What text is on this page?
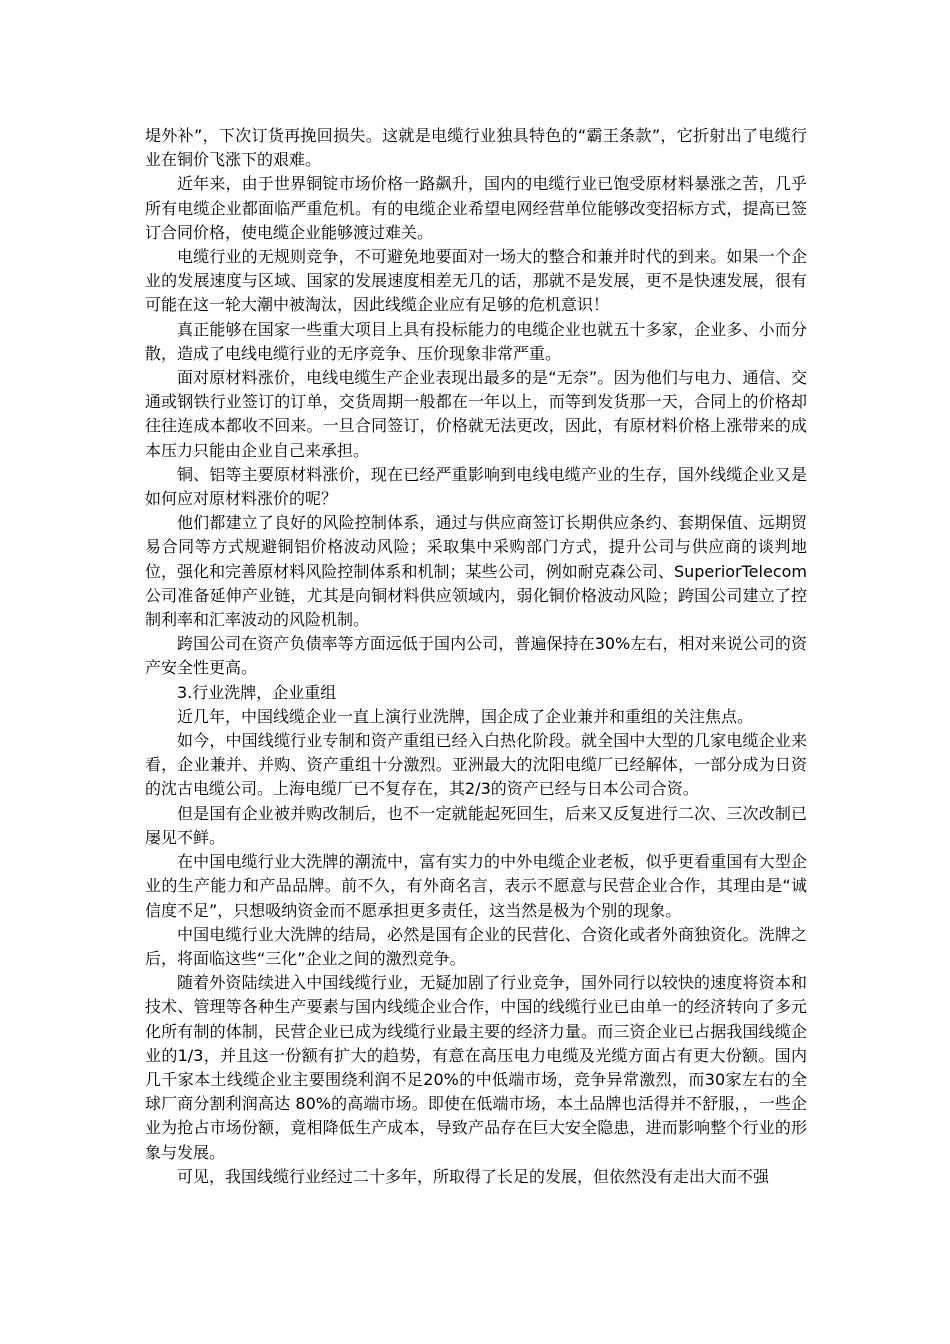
堤外补”，下次订货再挽回损失。这就是电缆行业独具特色的“霸王条款”，它折射出了电缆行业在铜价飞涨下的艰难。

近年来，由于世界铜锭市场价格一路飙升，国内的电缆行业已饱受原材料暴涨之苦，几乎所有电缆企业都面临严重危机。有的电缆企业希望电网经营单位能够改变招标方式，提高已签订合同价格，使电缆企业能够渡过难关。

电缆行业的无规则竞争，不可避免地要面对一场大的整合和兼并时代的到来。如果一个企业的发展速度与区域、国家的发展速度相差无几的话，那就不是发展，更不是快速发展，很有可能在这一轮大潮中被淘汰，因此线缆企业应有足够的危机意识！

真正能够在国家一些重大项目上具有投标能力的电缆企业也就五十多家，企业多、小而分散，造成了电线电缆行业的无序竞争、压价现象非常严重。

面对原材料涨价，电线电缆生产企业表现出最多的是“无奈”。因为他们与电力、通信、交通或钢铁行业签订的订单，交货周期一般都在一年以上，而等到发货那一天，合同上的价格却往往连成本都收不回来。一旦合同签订，价格就无法更改，因此，有原材料价格上涨带来的成本压力只能由企业自己来承担。

铜、铝等主要原材料涨价，现在已经严重影响到电线电缆产业的生存，国外线缆企业又是如何应对原材料涨价的呢？

他们都建立了良好的风险控制体系，通过与供应商签订长期供应条约、套期保值、远期贸易合同等方式规避铜铝价格波动风险；采取集中采购部门方式，提升公司与供应商的谈判地位，强化和完善原材料风险控制体系和机制；某些公司，例如耐克森公司、SuperiorTelecom公司准备延伸产业链，尤其是向铜材料供应领域内，弱化铜价格波动风险；跨国公司建立了控制利率和汇率波动的风险机制。

跨国公司在资产负债率等方面远低于国内公司，普遍保持在30%左右，相对来说公司的资产安全性更高。

3.行业洗牌，企业重组

近几年，中国线缆企业一直上演行业洗牌，国企成了企业兼并和重组的关注焦点。

如今，中国线缆行业专制和资产重组已经入白热化阶段。就全国中大型的几家电缆企业来看，企业兼并、并购、资产重组十分激烈。亚洲最大的沈阳电缆厂已经解体，一部分成为日资的沈古电缆公司。上海电缆厂已不复存在，其2/3的资产已经与日本公司合资。

但是国有企业被并购改制后，也不一定就能起死回生，后来又反复进行二次、三次改制已屡见不鲜。

在中国电缆行业大洗牌的潮流中，富有实力的中外电缆企业老板，似乎更看重国有大型企业的生产能力和产品品牌。前不久，有外商名言，表示不愿意与民营企业合作，其理由是“诚信度不足”，只想吸纳资金而不愿承担更多责任，这当然是极为个别的现象。

中国电缆行业大洗牌的结局，必然是国有企业的民营化、合资化或者外商独资化。洗牌之后，将面临这些“三化”企业之间的激烈竞争。

随着外资陆续进入中国线缆行业，无疑加剧了行业竞争，国外同行以较快的速度将资本和技术、管理等各种生产要素与国内线缆企业合作，中国的线缆行业已由单一的经济转向了多元化所有制的体制，民营企业已成为线缆行业最主要的经济力量。而三资企业已占据我国线缆企业的1/3，并且这一份额有扩大的趋势，有意在高压电力电缆及光缆方面占有更大份额。国内几千家本土线缆企业主要围绕利润不足20%的中低端市场，竞争异常激烈，而30家左右的全球厂商分割利润高达 80%的高端市场。即使在低端市场，本土品牌也活得并不舒服，，一些企业为抢占市场份额，竟相降低生产成本，导致产品存在巨大安全隐患，进而影响整个行业的形象与发展。

可见，我国线缆行业经过二十多年，所取得了长足的发展，但依然没有走出大而不强
